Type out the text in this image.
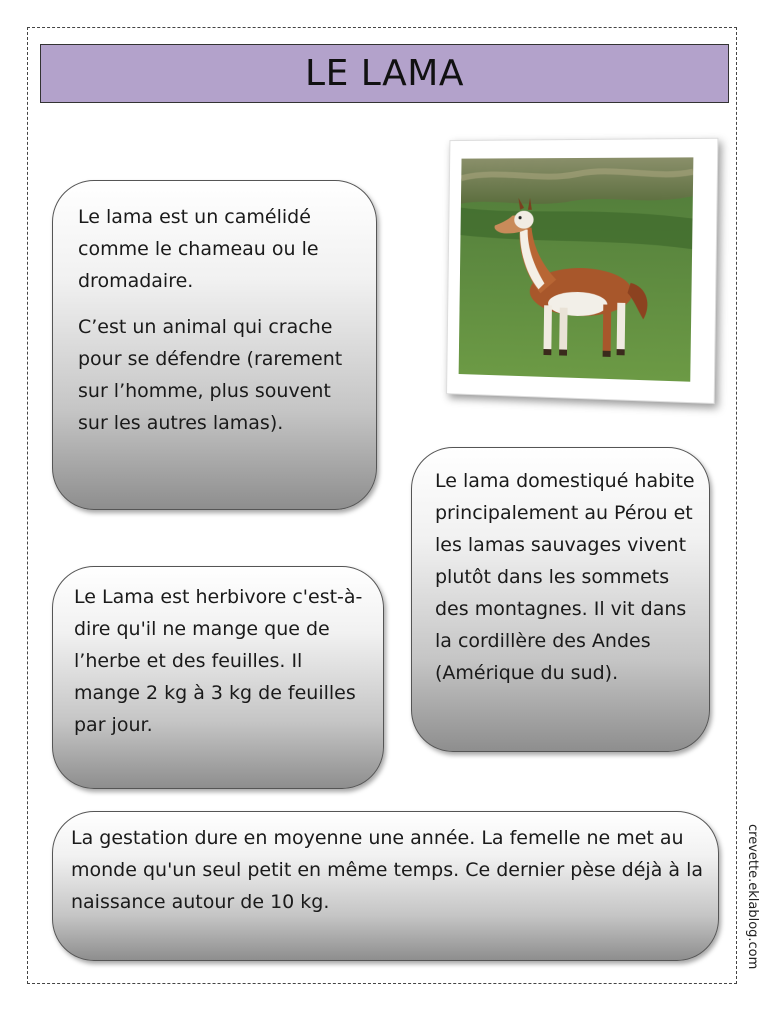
LE LAMA

Le lama est un camélidé comme le chameau ou le dromadaire.

C’est un animal qui crache pour se défendre (rarement sur l’homme, plus souvent sur les autres lamas).

Le lama domestiqué habite principalement au Pérou et les lamas sauvages vivent plutôt dans les sommets des montagnes. Il vit dans la cordillère des Andes (Amérique du sud).

Le Lama est herbivore c'est-à-dire qu'il ne mange que de l’herbe et des feuilles. Il mange 2 kg à 3 kg de feuilles par jour.

La gestation dure en moyenne une année. La femelle ne met au monde qu'un seul petit en même temps. Ce dernier pèse déjà à la naissance autour de 10 kg.	crevette.eklablog.com
